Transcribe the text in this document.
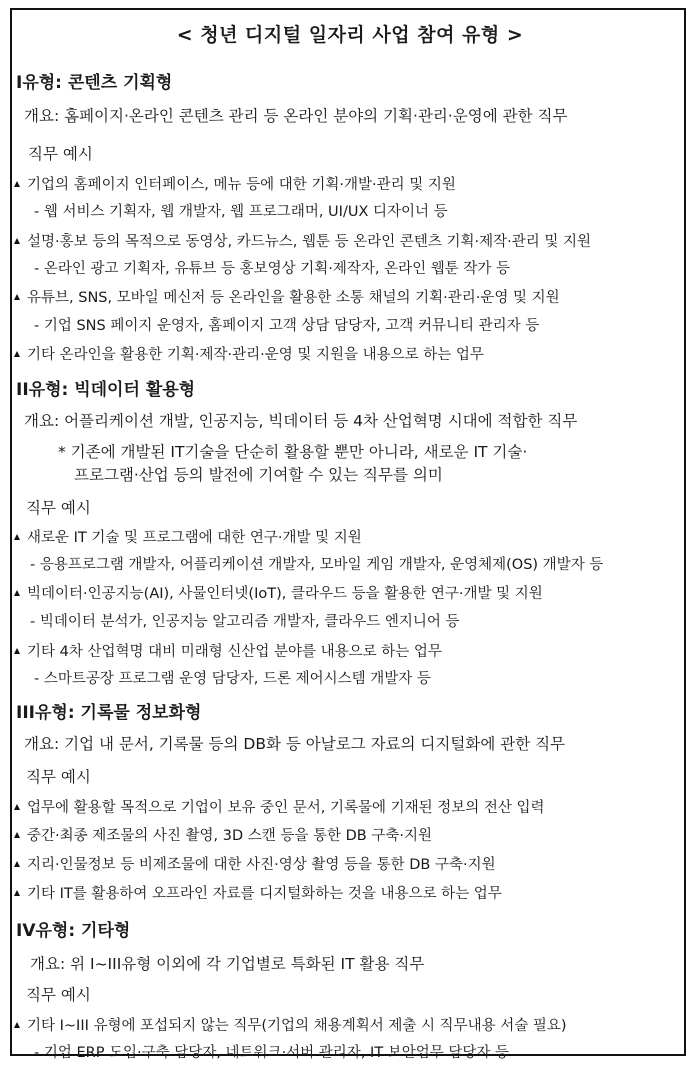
< 청년 디지털 일자리 사업 참여 유형 >
I유형: 콘텐츠 기획형
개요: 홈페이지·온라인 콘텐츠 관리 등 온라인 분야의 기획·관리·운영에 관한 직무
직무 예시
기업의 홈페이지 인터페이스, 메뉴 등에 대한 기획·개발·관리 및 지원
- 웹 서비스 기획자, 웹 개발자, 웹 프로그래머, UI/UX 디자이너 등
설명·홍보 등의 목적으로 동영상, 카드뉴스, 웹툰 등 온라인 콘텐츠 기획·제작·관리 및 지원
- 온라인 광고 기획자, 유튜브 등 홍보영상 기획·제작자, 온라인 웹툰 작가 등
유튜브, SNS, 모바일 메신저 등 온라인을 활용한 소통 채널의 기획·관리·운영 및 지원
- 기업 SNS 페이지 운영자, 홈페이지 고객 상담 담당자, 고객 커뮤니티 관리자 등
기타 온라인을 활용한 기획·제작·관리·운영 및 지원을 내용으로 하는 업무
II유형: 빅데이터 활용형
개요: 어플리케이션 개발, 인공지능, 빅데이터 등 4차 산업혁명 시대에 적합한 직무
* 기존에 개발된 IT기술을 단순히 활용할 뿐만 아니라, 새로운 IT 기술·
프로그램·산업 등의 발전에 기여할 수 있는 직무를 의미
직무 예시
새로운 IT 기술 및 프로그램에 대한 연구·개발 및 지원
- 응용프로그램 개발자, 어플리케이션 개발자, 모바일 게임 개발자, 운영체제(OS) 개발자 등
빅데이터·인공지능(AI), 사물인터넷(IoT), 클라우드 등을 활용한 연구·개발 및 지원
- 빅데이터 분석가, 인공지능 알고리즘 개발자, 클라우드 엔지니어 등
기타 4차 산업혁명 대비 미래형 신산업 분야를 내용으로 하는 업무
- 스마트공장 프로그램 운영 담당자, 드론 제어시스템 개발자 등
III유형: 기록물 정보화형
개요: 기업 내 문서, 기록물 등의 DB화 등 아날로그 자료의 디지털화에 관한 직무
직무 예시
업무에 활용할 목적으로 기업이 보유 중인 문서, 기록물에 기재된 정보의 전산 입력
중간·최종 제조물의 사진 촬영, 3D 스캔 등을 통한 DB 구축·지원
지리·인물정보 등 비제조물에 대한 사진·영상 촬영 등을 통한 DB 구축·지원
기타 IT를 활용하여 오프라인 자료를 디지털화하는 것을 내용으로 하는 업무
IV유형: 기타형
개요: 위 I~III유형 이외에 각 기업별로 특화된 IT 활용 직무
직무 예시
기타 I~III 유형에 포섭되지 않는 직무(기업의 채용계획서 제출 시 직무내용 서술 필요)
- 기업 ERP 도입·구축 담당자, 네트워크·서버 관리자, IT 보안업무 담당자 등
